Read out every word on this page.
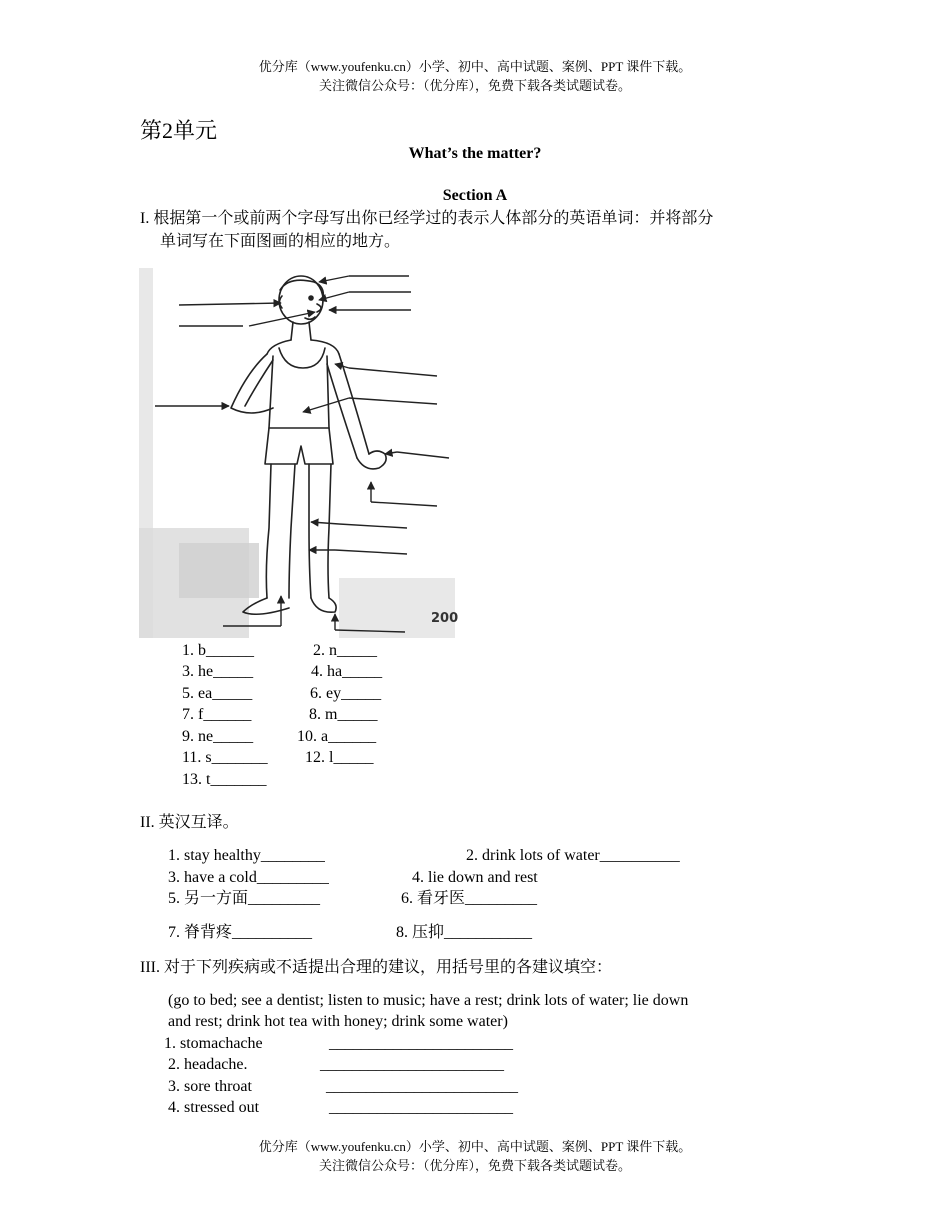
优分库（www.youfenku.cn）小学、初中、高中试题、案例、PPT 课件下载。
关注微信公众号：（优分库），免费下载各类试题试卷。
第2单元
What’s the matter?
Section A
I. 根据第一个或前两个字母写出你已经学过的表示人体部分的英语单词：并将部分
单词写在下面图画的相应的地方。
200
1. b______	2. n_____
3. he_____	4. ha_____
5. ea_____	6. ey_____
7. f______	8. m_____
9. ne_____	10. a______
11. s_______ 12. l_____
13. t_______
II. 英汉互译。
1. stay healthy________	2. drink lots of water__________
3. have a cold_________	4. lie down and rest
5. 另一方面_________	6. 看牙医_________
7. 脊背疼__________	8. 压抑___________
III. 对于下列疾病或不适提出合理的建议，用括号里的各建议填空：
(go to bed; see a dentist; listen to music; have a rest; drink lots of water; lie down
and rest; drink hot tea with honey; drink some water)
1. stomachache	_______________________
2. headache.	_______________________
3. sore throat	________________________
4. stressed out	_______________________
优分库（www.youfenku.cn）小学、初中、高中试题、案例、PPT 课件下载。
关注微信公众号：（优分库），免费下载各类试题试卷。
